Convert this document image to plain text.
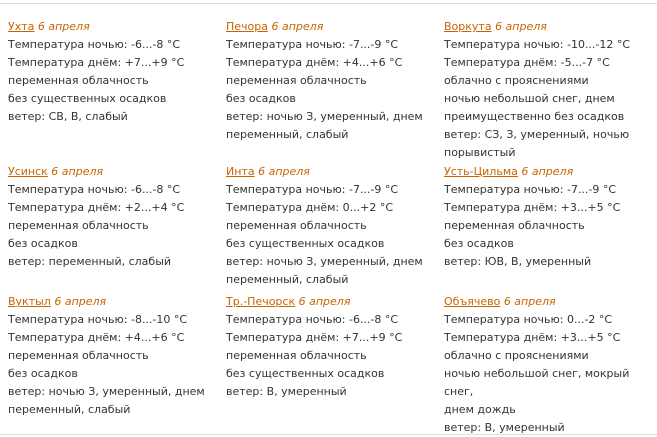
Ухта 6 апреля
Температура ночью: -6...-8 °C
Температура днём: +7...+9 °C
переменная облачность
без существенных осадков
ветер: СВ, В, слабый
Печора 6 апреля
Температура ночью: -7...-9 °C
Температура днём: +4...+6 °C
переменная облачность
без осадков
ветер: ночью З, умеренный, днем
переменный, слабый
Воркута 6 апреля
Температура ночью: -10...-12 °C
Температура днём: -5...-7 °C
облачно с прояснениями
ночью небольшой снег, днем
преимущественно без осадков
ветер: СЗ, З, умеренный, ночью
порывистый
Усинск 6 апреля
Температура ночью: -6...-8 °C
Температура днём: +2...+4 °C
переменная облачность
без осадков
ветер: переменный, слабый
Инта 6 апреля
Температура ночью: -7...-9 °C
Температура днём: 0...+2 °C
переменная облачность
без существенных осадков
ветер: ночью З, умеренный, днем
переменный, слабый
Усть-Цильма 6 апреля
Температура ночью: -7...-9 °C
Температура днём: +3...+5 °C
переменная облачность
без осадков
ветер: ЮВ, В, умеренный
Вуктыл 6 апреля
Температура ночью: -8...-10 °C
Температура днём: +4...+6 °C
переменная облачность
без осадков
ветер: ночью З, умеренный, днем
переменный, слабый
Тр.-Печорск 6 апреля
Температура ночью: -6...-8 °C
Температура днём: +7...+9 °C
переменная облачность
без существенных осадков
ветер: В, умеренный
Объячево 6 апреля
Температура ночью: 0...-2 °C
Температура днём: +3...+5 °C
облачно с прояснениями
ночью небольшой снег, мокрый снег,
днем дождь
ветер: В, умеренный
